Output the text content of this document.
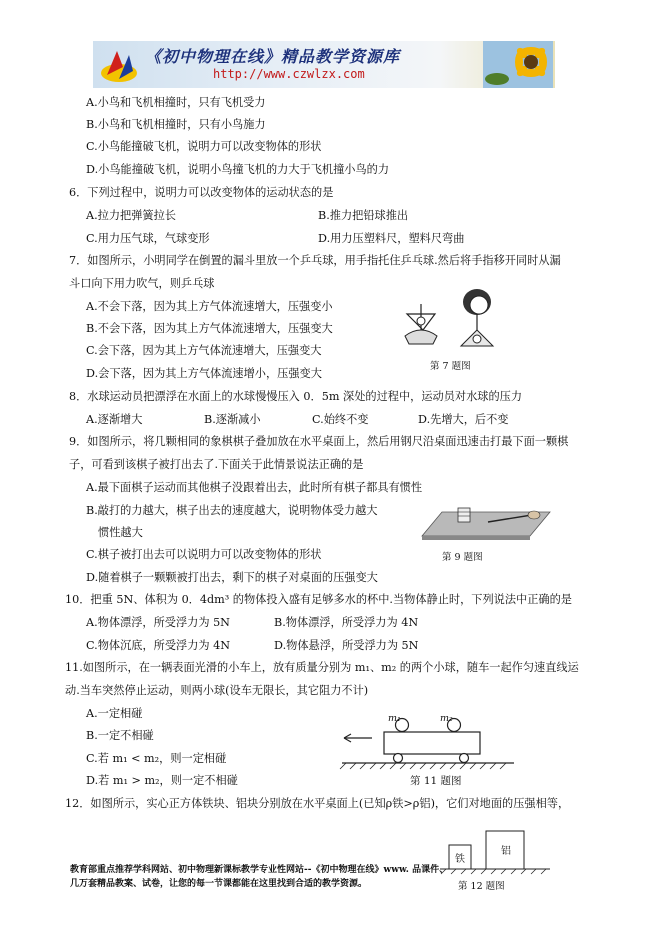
《初中物理在线》精品教学资源库
http://www.czwlzx.com
A.小鸟和飞机相撞时，只有飞机受力
B.小鸟和飞机相撞时，只有小鸟施力
C.小鸟能撞破飞机，说明力可以改变物体的形状
D.小鸟能撞破飞机，说明小鸟撞飞机的力大于飞机撞小鸟的力
6．下列过程中，说明力可以改变物体的运动状态的是
A.拉力把弹簧拉长	B.推力把铅球推出
C.用力压气球，气球变形	D.用力压塑料尺，塑料尺弯曲
7．如图所示，小明同学在倒置的漏斗里放一个乒乓球，用手指托住乒乓球.然后将手指移开同时从漏
斗口向下用力吹气，则乒乓球
A.不会下落，因为其上方气体流速增大，压强变小
B.不会下落，因为其上方气体流速增大，压强变大
C.会下落，因为其上方气体流速增大，压强变大
D.会下落，因为其上方气体流速增小，压强变大
第 7 题图
8．水球运动员把漂浮在水面上的水球慢慢压入 0．5m 深处的过程中，运动员对水球的压力
A.逐渐增大	B.逐渐减小	C.始终不变	D.先增大，后不变
9．如图所示，将几颗相同的象棋棋子叠加放在水平桌面上，然后用钢尺沿桌面迅速击打最下面一颗棋
子，可看到该棋子被打出去了.下面关于此情景说法正确的是
A.最下面棋子运动而其他棋子没跟着出去，此时所有棋子都具有惯性
B.敲打的力越大，棋子出去的速度越大，说明物体受力越大
惯性越大
C.棋子被打出去可以说明力可以改变物体的形状
D.随着棋子一颗颗被打出去，剩下的棋子对桌面的压强变大
第 9 题图
10．把重 5N、体积为 0．4dm³ 的物体投入盛有足够多水的杯中.当物体静止时，下列说法中正确的是
A.物体漂浮，所受浮力为 5N	B.物体漂浮，所受浮力为 4N
C.物体沉底，所受浮力为 4N	D.物体悬浮，所受浮力为 5N
11.如图所示，在一辆表面光滑的小车上，放有质量分别为 m₁、m₂ 的两个小球，随车一起作匀速直线运
动.当车突然停止运动，则两小球(设车无限长，其它阻力不计)
A.一定相碰
B.一定不相碰
C.若 m₁ < m₂，则一定相碰
D.若 m₁ > m₂，则一定不相碰
m₁	m₂
第 11 题图
12．如图所示，实心正方体铁块、铝块分别放在水平桌面上(已知ρ铁>ρ铝)，它们对地面的压强相等，
铁
铝
第 12 题图
教育部重点推荐学科网站、初中物理新课标教学专业性网站--《初中物理在线》www. 品课件、
几万套精品教案、试卷，让您的每一节课都能在这里找到合适的教学资源。
